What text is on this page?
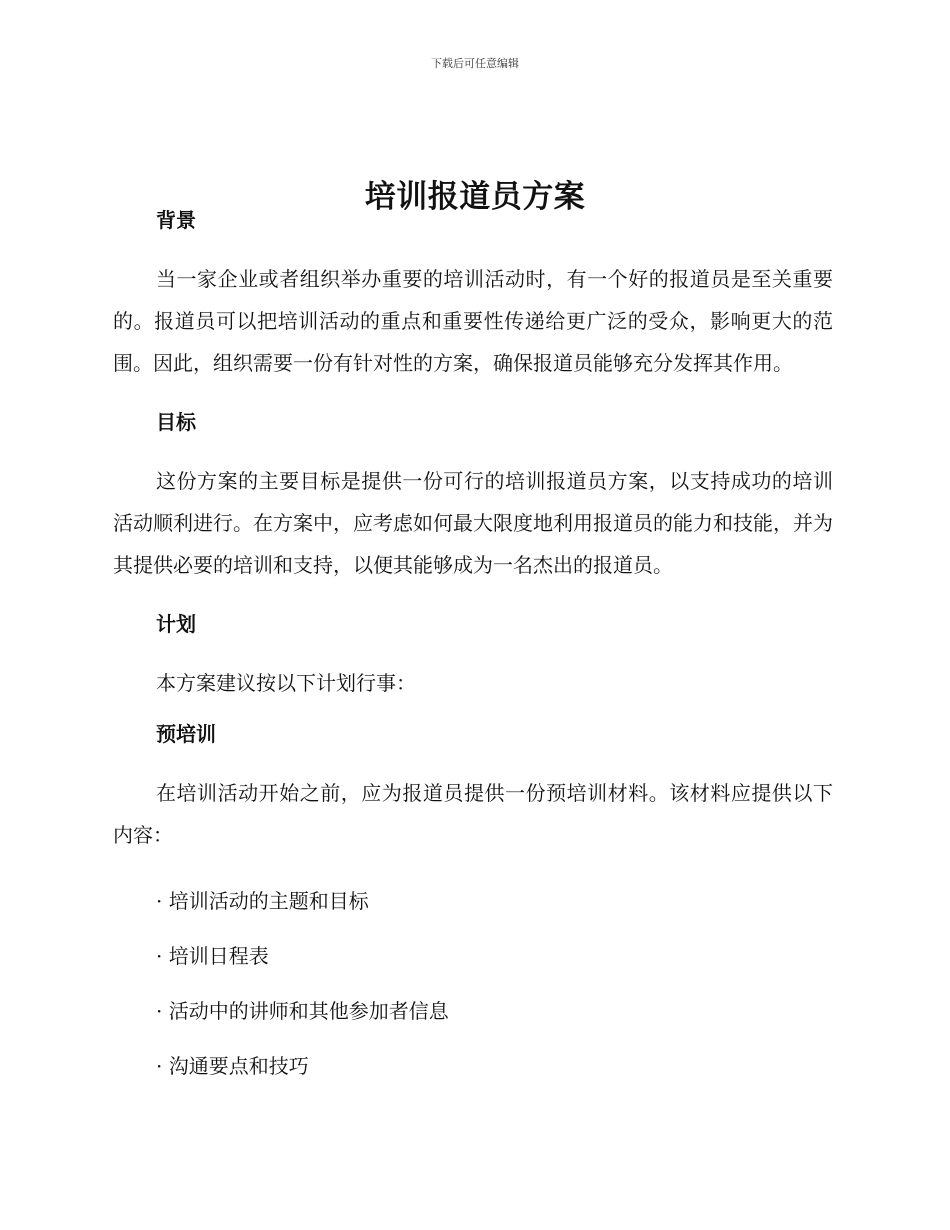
下载后可任意编辑
培训报道员方案
背景

当一家企业或者组织举办重要的培训活动时，有一个好的报道员是至关重要的。报道员可以把培训活动的重点和重要性传递给更广泛的受众，影响更大的范围。因此，组织需要一份有针对性的方案，确保报道员能够充分发挥其作用。

目标

这份方案的主要目标是提供一份可行的培训报道员方案，以支持成功的培训活动顺利进行。在方案中，应考虑如何最大限度地利用报道员的能力和技能，并为其提供必要的培训和支持，以便其能够成为一名杰出的报道员。

计划

本方案建议按以下计划行事：

预培训

在培训活动开始之前，应为报道员提供一份预培训材料。该材料应提供以下内容：

· 培训活动的主题和目标
· 培训日程表
· 活动中的讲师和其他参加者信息
· 沟通要点和技巧
